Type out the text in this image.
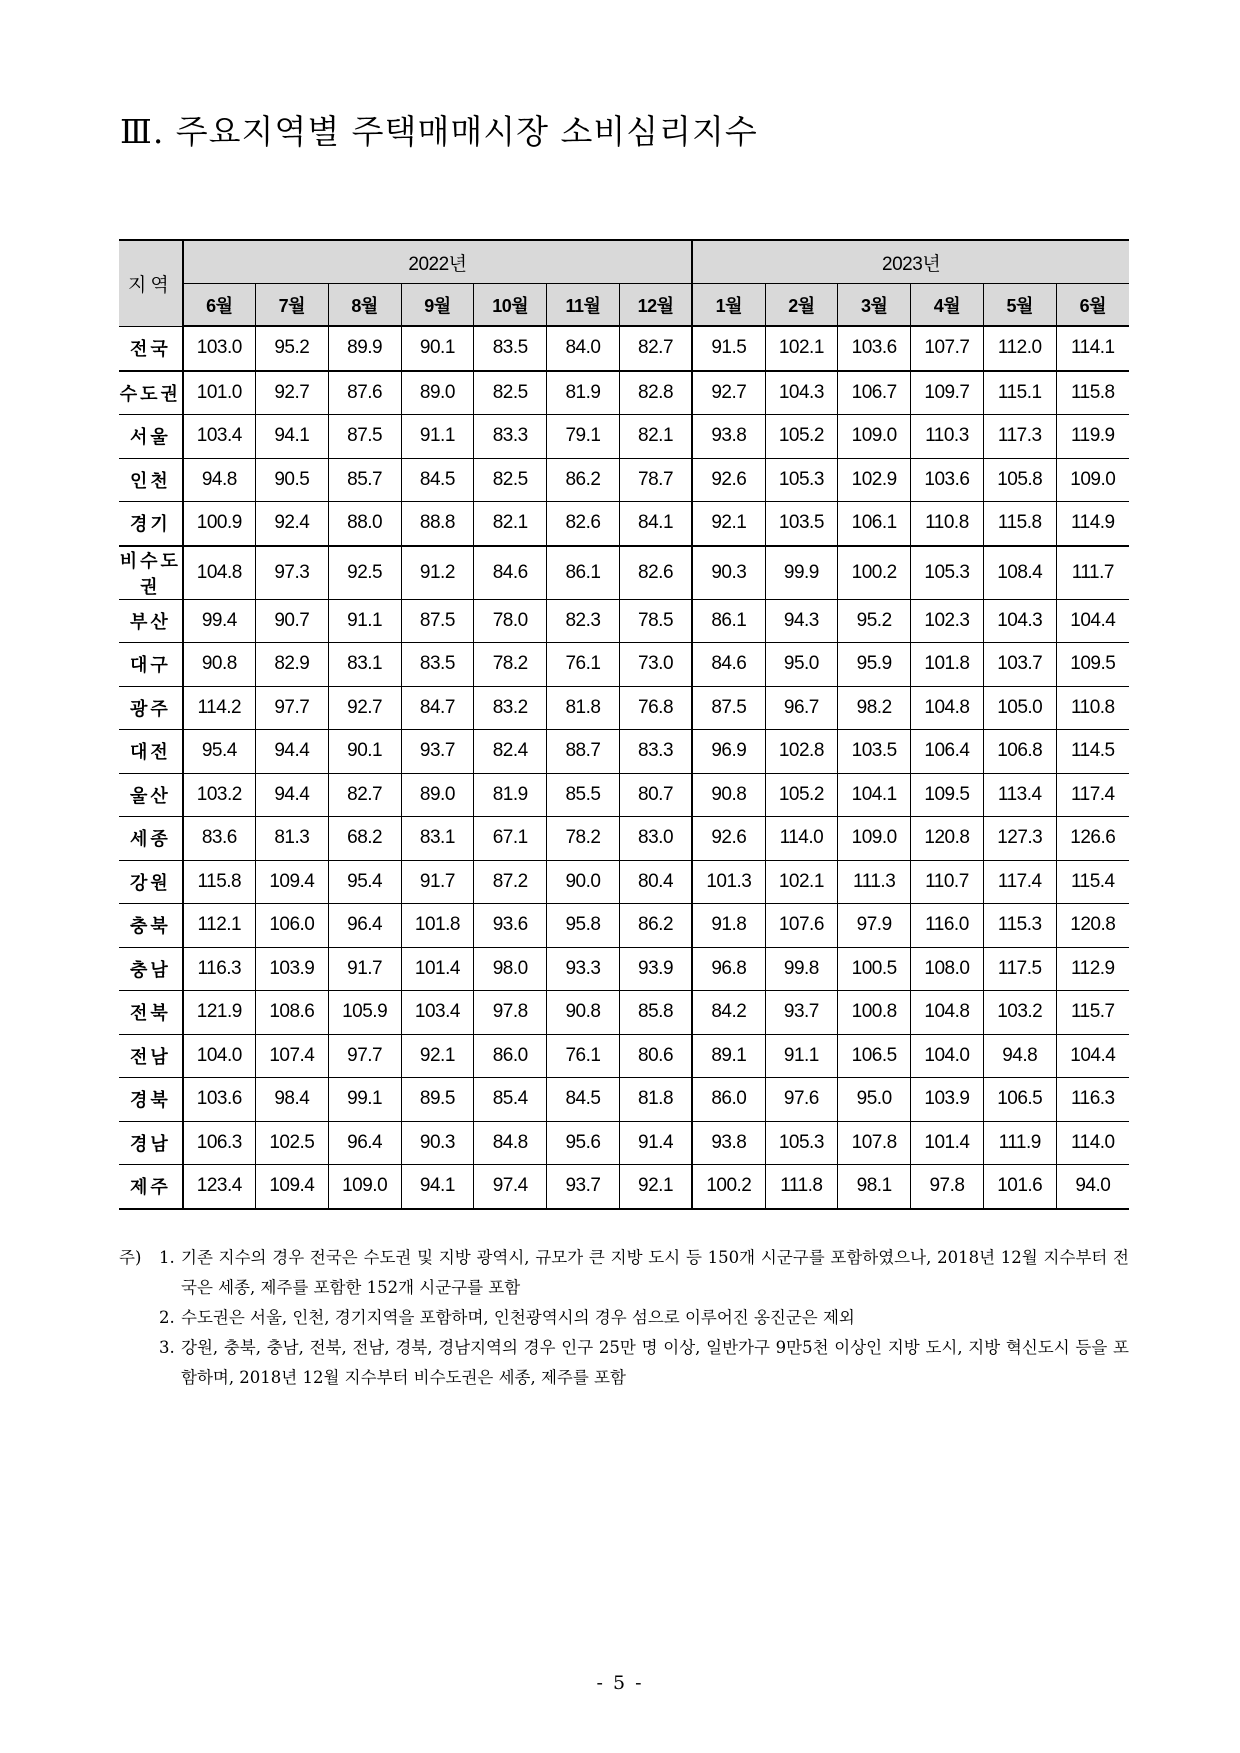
Ⅲ. 주요지역별 주택매매시장 소비심리지수
지역	2022년							2023년					
	6월	7월	8월	9월	10월	11월	12월	1월	2월	3월	4월	5월	6월
전국	103.0	95.2	89.9	90.1	83.5	84.0	82.7	91.5	102.1	103.6	107.7	112.0	114.1
수도권	101.0	92.7	87.6	89.0	82.5	81.9	82.8	92.7	104.3	106.7	109.7	115.1	115.8
서울	103.4	94.1	87.5	91.1	83.3	79.1	82.1	93.8	105.2	109.0	110.3	117.3	119.9
인천	94.8	90.5	85.7	84.5	82.5	86.2	78.7	92.6	105.3	102.9	103.6	105.8	109.0
경기	100.9	92.4	88.0	88.8	82.1	82.6	84.1	92.1	103.5	106.1	110.8	115.8	114.9
비수도권	104.8	97.3	92.5	91.2	84.6	86.1	82.6	90.3	99.9	100.2	105.3	108.4	111.7
부산	99.4	90.7	91.1	87.5	78.0	82.3	78.5	86.1	94.3	95.2	102.3	104.3	104.4
대구	90.8	82.9	83.1	83.5	78.2	76.1	73.0	84.6	95.0	95.9	101.8	103.7	109.5
광주	114.2	97.7	92.7	84.7	83.2	81.8	76.8	87.5	96.7	98.2	104.8	105.0	110.8
대전	95.4	94.4	90.1	93.7	82.4	88.7	83.3	96.9	102.8	103.5	106.4	106.8	114.5
울산	103.2	94.4	82.7	89.0	81.9	85.5	80.7	90.8	105.2	104.1	109.5	113.4	117.4
세종	83.6	81.3	68.2	83.1	67.1	78.2	83.0	92.6	114.0	109.0	120.8	127.3	126.6
강원	115.8	109.4	95.4	91.7	87.2	90.0	80.4	101.3	102.1	111.3	110.7	117.4	115.4
충북	112.1	106.0	96.4	101.8	93.6	95.8	86.2	91.8	107.6	97.9	116.0	115.3	120.8
충남	116.3	103.9	91.7	101.4	98.0	93.3	93.9	96.8	99.8	100.5	108.0	117.5	112.9
전북	121.9	108.6	105.9	103.4	97.8	90.8	85.8	84.2	93.7	100.8	104.8	103.2	115.7
전남	104.0	107.4	97.7	92.1	86.0	76.1	80.6	89.1	91.1	106.5	104.0	94.8	104.4
경북	103.6	98.4	99.1	89.5	85.4	84.5	81.8	86.0	97.6	95.0	103.9	106.5	116.3
경남	106.3	102.5	96.4	90.3	84.8	95.6	91.4	93.8	105.3	107.8	101.4	111.9	114.0
제주	123.4	109.4	109.0	94.1	97.4	93.7	92.1	100.2	111.8	98.1	97.8	101.6	94.0
주)	1. 기존 지수의 경우 전국은 수도권 및 지방 광역시, 규모가 큰 지방 도시 등 150개 시군구를 포함하였으나, 2018년 12월 지수부터 전국은 세종, 제주를 포함한 152개 시군구를 포함
2. 수도권은 서울, 인천, 경기지역을 포함하며, 인천광역시의 경우 섬으로 이루어진 옹진군은 제외
3. 강원, 충북, 충남, 전북, 전남, 경북, 경남지역의 경우 인구 25만 명 이상, 일반가구 9만5천 이상인 지방 도시, 지방 혁신도시 등을 포함하며, 2018년 12월 지수부터 비수도권은 세종, 제주를 포함
- 5 -
